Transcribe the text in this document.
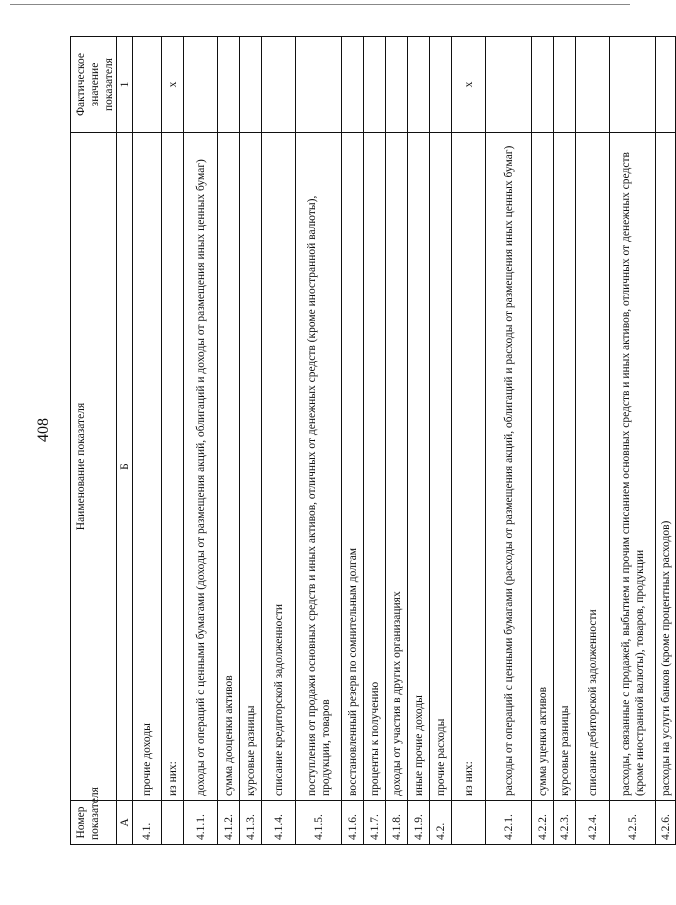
408
Номер показателя	Наименование показателя	Фактическое значение показателя
А	Б	1
4.1.	прочие доходы	
	из них:	х
4.1.1.	доходы от операций с ценными бумагами (доходы от размещения акций, облигаций и доходы от размещения иных ценных бумаг)	
4.1.2.	сумма дооценки активов	
4.1.3.	курсовые разницы	
4.1.4.	списание кредиторской задолженности	
4.1.5.	поступления от продажи основных средств и иных активов, отличных от денежных средств (кроме иностранной валюты), продукции, товаров	
4.1.6.	восстановленный резерв по сомнительным долгам	
4.1.7.	проценты к получению	
4.1.8.	доходы от участия в других организациях	
4.1.9.	иные прочие доходы	
4.2.	прочие расходы	
	из них:	х
4.2.1.	расходы от операций с ценными бумагами (расходы от размещения акций, облигаций и расходы от размещения иных ценных бумаг)	
4.2.2.	сумма уценки активов	
4.2.3.	курсовые разницы	
4.2.4.	списание дебиторской задолженности	
4.2.5.	расходы, связанные с продажей, выбытием и прочим списанием основных средств и иных активов, отличных от денежных средств (кроме иностранной валюты), товаров, продукции	
4.2.6.	расходы на услуги банков (кроме процентных расходов)	
